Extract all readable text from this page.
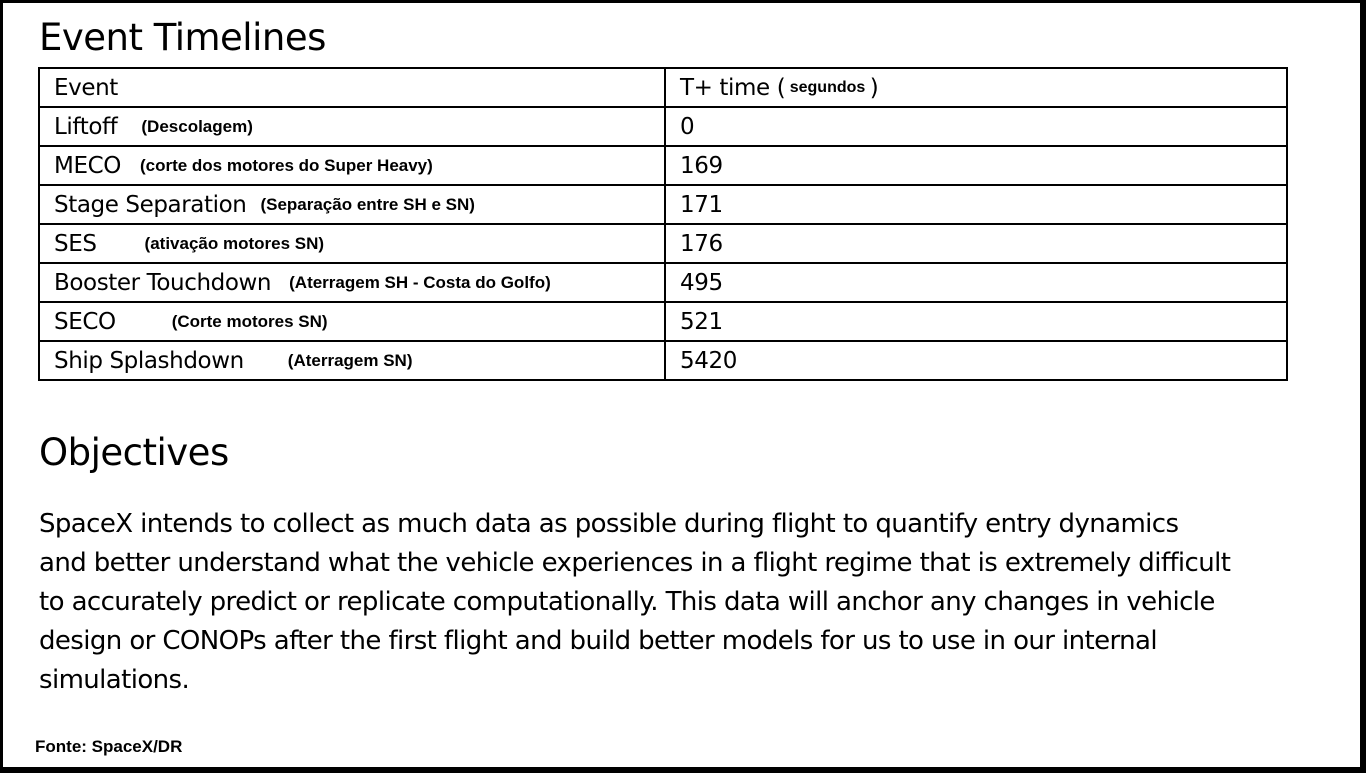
Event Timelines
Event	T+ time ( segundos )
Liftoff (Descolagem)	0
MECO (corte dos motores do Super Heavy)	169
Stage Separation (Separação entre SH e SN)	171
SES (ativação motores SN)	176
Booster Touchdown (Aterragem SH - Costa do Golfo)	495
SECO (Corte motores SN)	521
Ship Splashdown (Aterragem SN)	5420
Objectives

SpaceX intends to collect as much data as possible during flight to quantify entry dynamics
and better understand what the vehicle experiences in a flight regime that is extremely difficult
to accurately predict or replicate computationally. This data will anchor any changes in vehicle
design or CONOPs after the first flight and build better models for us to use in our internal
simulations.

Fonte: SpaceX/DR
